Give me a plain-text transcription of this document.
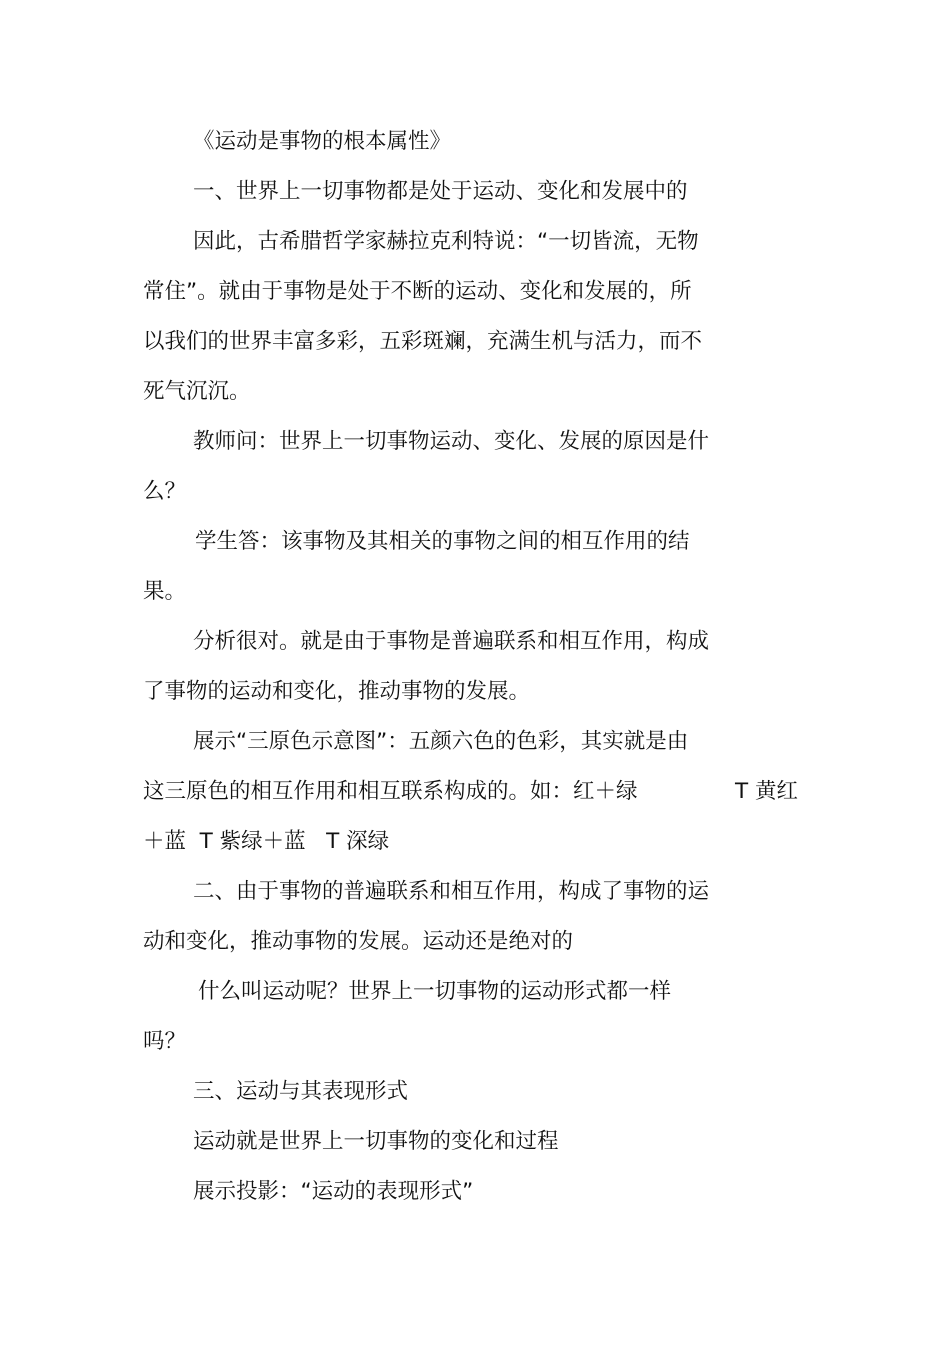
《运动是事物的根本属性》
一、世界上一切事物都是处于运动、变化和发展中的
因此，古希腊哲学家赫拉克利特说：“一切皆流，无物
常住”。就由于事物是处于不断的运动、变化和发展的，所
以我们的世界丰富多彩，五彩斑斓，充满生机与活力，而不
死气沉沉。
教师问：世界上一切事物运动、变化、发展的原因是什
么？
学生答：该事物及其相关的事物之间的相互作用的结
果。
分析很对。就是由于事物是普遍联系和相互作用，构成
了事物的运动和变化，推动事物的发展。
展示“三原色示意图”：五颜六色的色彩，其实就是由
这三原色的相互作用和相互联系构成的。如：红＋绿	T 黄红
＋蓝  T 紫绿＋蓝   T 深绿
二、由于事物的普遍联系和相互作用，构成了事物的运
动和变化，推动事物的发展。运动还是绝对的
什么叫运动呢？世界上一切事物的运动形式都一样
吗？
三、运动与其表现形式
运动就是世界上一切事物的变化和过程
展示投影：“运动的表现形式”
